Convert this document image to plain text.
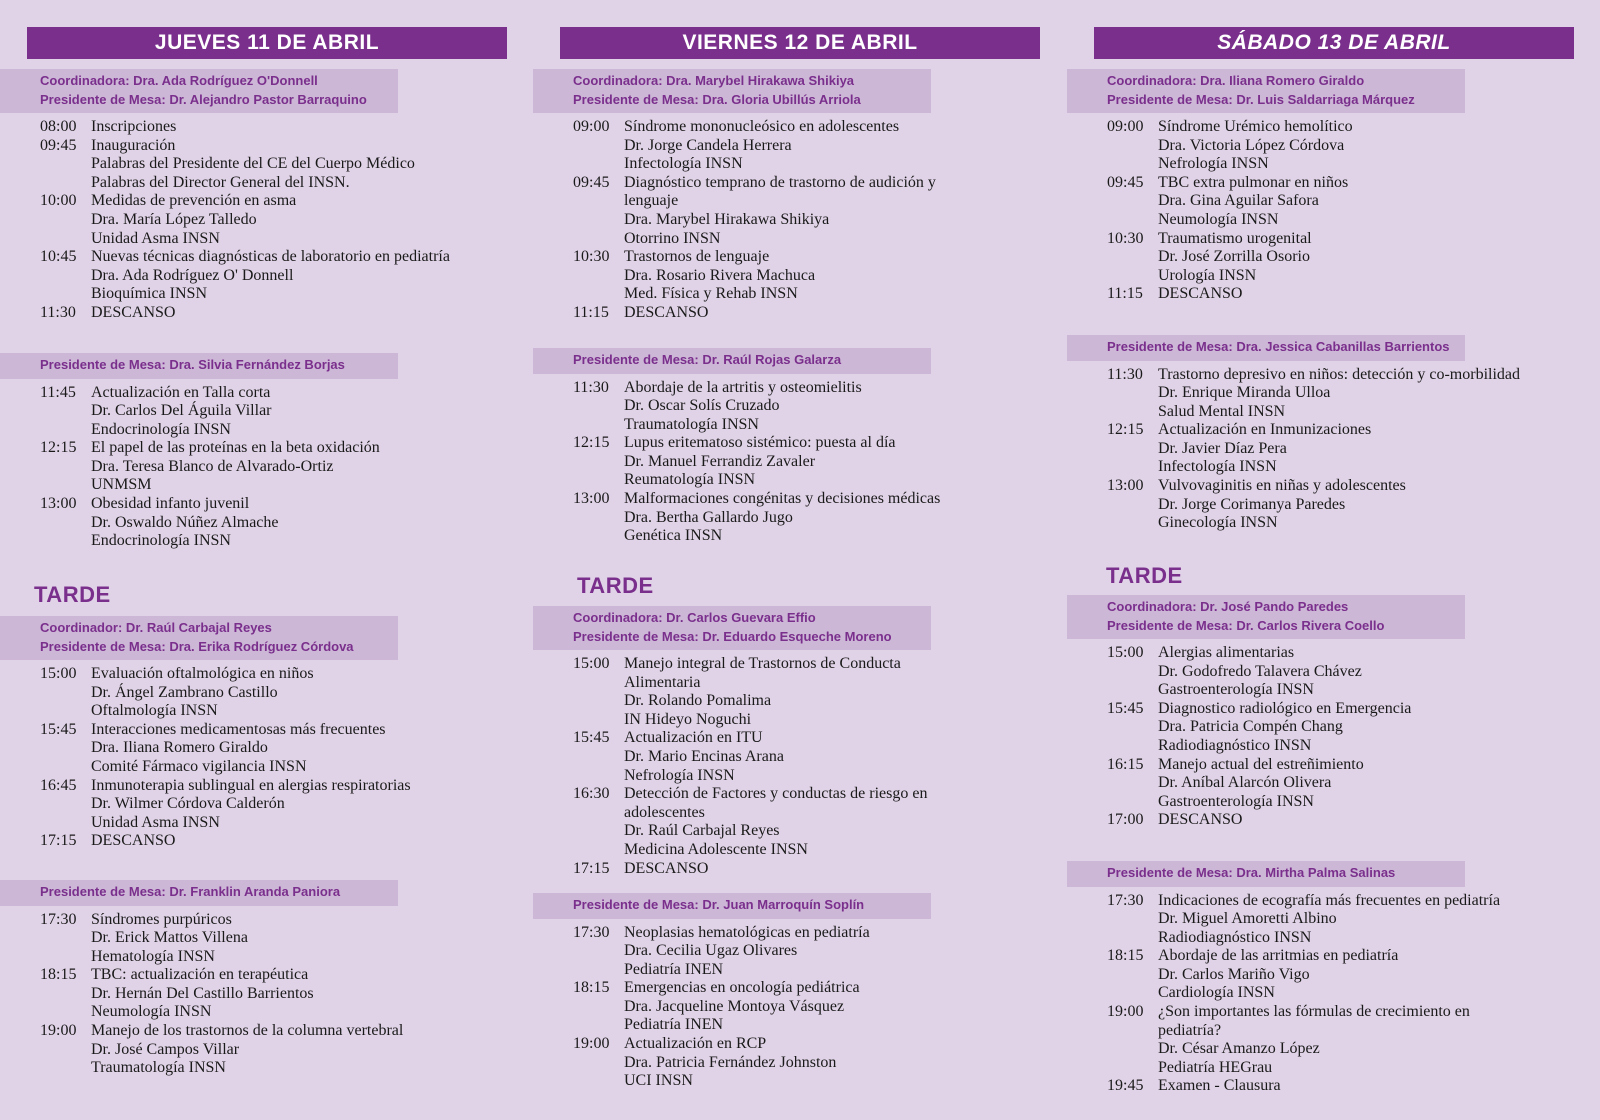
JUEVES 11 DE ABRIL
Coordinadora: Dra. Ada Rodríguez O'Donnell
Presidente de Mesa: Dr. Alejandro Pastor Barraquino
08:00 Inscripciones
09:45 Inauguración
Palabras del Presidente del CE del Cuerpo Médico
Palabras del Director General del INSN.
10:00 Medidas de prevención en asma
Dra. María López Talledo
Unidad Asma INSN
10:45 Nuevas técnicas diagnósticas de laboratorio en pediatría
Dra. Ada Rodríguez O' Donnell
Bioquímica INSN
11:30 DESCANSO
Presidente de Mesa: Dra. Silvia Fernández Borjas
11:45 Actualización en Talla corta
Dr. Carlos Del Águila Villar
Endocrinología INSN
12:15 El papel de las proteínas en la beta oxidación
Dra. Teresa Blanco de Alvarado-Ortiz
UNMSM
13:00 Obesidad infanto juvenil
Dr. Oswaldo Núñez Almache
Endocrinología INSN
TARDE
Coordinador: Dr. Raúl Carbajal Reyes
Presidente de Mesa: Dra. Erika Rodríguez Córdova
15:00 Evaluación oftalmológica en niños
Dr. Ángel Zambrano Castillo
Oftalmología INSN
15:45 Interacciones medicamentosas más frecuentes
Dra. Iliana Romero Giraldo
Comité Fármaco vigilancia INSN
16:45 Inmunoterapia sublingual en alergias respiratorias
Dr. Wilmer Córdova Calderón
Unidad Asma INSN
17:15 DESCANSO
Presidente de Mesa: Dr. Franklin Aranda Paniora
17:30 Síndromes purpúricos
Dr. Erick Mattos Villena
Hematología INSN
18:15 TBC: actualización en terapéutica
Dr. Hernán Del Castillo Barrientos
Neumología INSN
19:00 Manejo de los trastornos de la columna vertebral
Dr. José Campos Villar
Traumatología INSN
VIERNES 12 DE ABRIL
Coordinadora: Dra. Marybel Hirakawa Shikiya
Presidente de Mesa: Dra. Gloria Ubillús Arriola
09:00 Síndrome mononucleósico en adolescentes
Dr. Jorge Candela Herrera
Infectología INSN
09:45 Diagnóstico temprano de trastorno de audición y lenguaje
Dra. Marybel Hirakawa Shikiya
Otorrino INSN
10:30 Trastornos de lenguaje
Dra. Rosario Rivera Machuca
Med. Física y Rehab INSN
11:15 DESCANSO
Presidente de Mesa: Dr. Raúl Rojas Galarza
11:30 Abordaje de la artritis y osteomielitis
Dr. Oscar Solís Cruzado
Traumatología INSN
12:15 Lupus eritematoso sistémico: puesta al día
Dr. Manuel Ferrandiz Zavaler
Reumatología INSN
13:00 Malformaciones congénitas y decisiones médicas
Dra. Bertha Gallardo Jugo
Genética INSN
TARDE
Coordinadora: Dr. Carlos Guevara Effio
Presidente de Mesa: Dr. Eduardo Esqueche Moreno
15:00 Manejo integral de Trastornos de Conducta Alimentaria
Dr. Rolando Pomalima
IN Hideyo Noguchi
15:45 Actualización en ITU
Dr. Mario Encinas Arana
Nefrología INSN
16:30 Detección de Factores y conductas de riesgo en adolescentes
Dr. Raúl Carbajal Reyes
Medicina Adolescente INSN
17:15 DESCANSO
Presidente de Mesa: Dr. Juan Marroquín Soplín
17:30 Neoplasias hematológicas en pediatría
Dra. Cecilia Ugaz Olivares
Pediatría INEN
18:15 Emergencias en oncología pediátrica
Dra. Jacqueline Montoya Vásquez
Pediatría INEN
19:00 Actualización en RCP
Dra. Patricia Fernández Johnston
UCI INSN
SÁBADO 13 DE ABRIL
Coordinadora: Dra. Iliana Romero Giraldo
Presidente de Mesa: Dr. Luis Saldarriaga Márquez
09:00 Síndrome Urémico hemolítico
Dra. Victoria López Córdova
Nefrología INSN
09:45 TBC extra pulmonar en niños
Dra. Gina Aguilar Safora
Neumología INSN
10:30 Traumatismo urogenital
Dr. José Zorrilla Osorio
Urología INSN
11:15 DESCANSO
Presidente de Mesa: Dra. Jessica Cabanillas Barrientos
11:30 Trastorno depresivo en niños: detección y co-morbilidad
Dr. Enrique Miranda Ulloa
Salud Mental INSN
12:15 Actualización en Inmunizaciones
Dr. Javier Díaz Pera
Infectología INSN
13:00 Vulvovaginitis en niñas y adolescentes
Dr. Jorge Corimanya Paredes
Ginecología INSN
TARDE
Coordinadora: Dr. José Pando Paredes
Presidente de Mesa: Dr. Carlos Rivera Coello
15:00 Alergias alimentarias
Dr. Godofredo Talavera Chávez
Gastroenterología INSN
15:45 Diagnostico radiológico en Emergencia
Dra. Patricia Compén Chang
Radiodiagnóstico INSN
16:15 Manejo actual del estreñimiento
Dr. Aníbal Alarcón Olivera
Gastroenterología INSN
17:00 DESCANSO
Presidente de Mesa: Dra. Mirtha Palma Salinas
17:30 Indicaciones de ecografía más frecuentes en pediatría
Dr. Miguel Amoretti Albino
Radiodiagnóstico INSN
18:15 Abordaje de las arritmias en pediatría
Dr. Carlos Mariño Vigo
Cardiología INSN
19:00 ¿Son importantes las fórmulas de crecimiento en pediatría?
Dr. César Amanzo López
Pediatría HEGrau
19:45 Examen - Clausura
